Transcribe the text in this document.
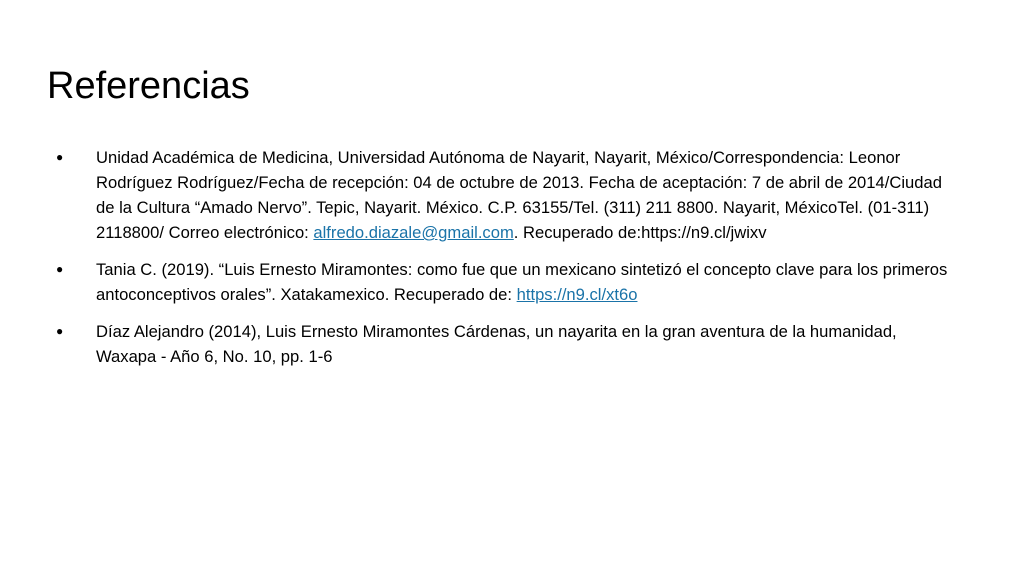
Referencias
● Unidad Académica de Medicina, Universidad Autónoma de Nayarit, Nayarit, México/Correspondencia: Leonor Rodríguez Rodríguez/Fecha de recepción: 04 de octubre de 2013. Fecha de aceptación: 7 de abril de 2014/Ciudad de la Cultura “Amado Nervo”. Tepic, Nayarit. México. C.P. 63155/Tel. (311) 211 8800. Nayarit, MéxicoTel. (01-311) 2118800/ Correo electrónico: alfredo.diazale@gmail.com. Recuperado de:https://n9.cl/jwixv
● Tania C. (2019). “Luis Ernesto Miramontes: como fue que un mexicano sintetizó el concepto clave para los primeros antoconceptivos orales”. Xatakamexico. Recuperado de: https://n9.cl/xt6o
● Díaz Alejandro (2014), Luis Ernesto Miramontes Cárdenas, un nayarita en la gran aventura de la humanidad, Waxapa - Año 6, No. 10, pp. 1-6
